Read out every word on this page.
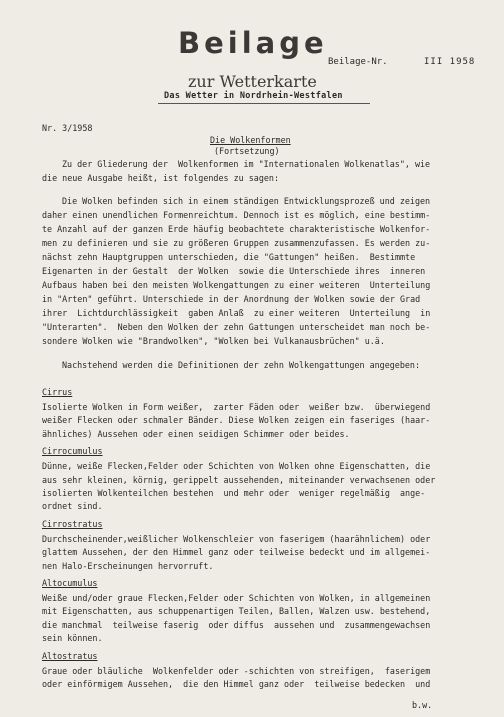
Beilage
Beilage-Nr.	III 1958
zur Wetterkarte
Das Wetter in Nordrhein-Westfalen
Nr. 3/1958
Die Wolkenformen
(Fortsetzung)
Zu der Gliederung der  Wolkenformen im "Internationalen Wolkenatlas", wie
die neue Ausgabe heißt, ist folgendes zu sagen:
Die Wolken befinden sich in einem ständigen Entwicklungsprozeß und zeigen
daher einen unendlichen Formenreichtum. Dennoch ist es möglich, eine bestimm-
te Anzahl auf der ganzen Erde häufig beobachtete charakteristische Wolkenfor-
men zu definieren und sie zu größeren Gruppen zusammenzufassen. Es werden zu-
nächst zehn Hauptgruppen unterschieden, die "Gattungen" heißen.  Bestimmte
Eigenarten in der Gestalt  der Wolken  sowie die Unterschiede ihres  inneren
Aufbaus haben bei den meisten Wolkengattungen zu einer weiteren  Unterteilung
in "Arten" geführt. Unterschiede in der Anordnung der Wolken sowie der Grad
ihrer  Lichtdurchlässigkeit  gaben Anlaß  zu einer weiteren  Unterteilung  in
"Unterarten".  Neben den Wolken der zehn Gattungen unterscheidet man noch be-
sondere Wolken wie "Brandwolken", "Wolken bei Vulkanausbrüchen" u.ä.
Nachstehend werden die Definitionen der zehn Wolkengattungen angegeben:
Cirrus
Isolierte Wolken in Form weißer,  zarter Fäden oder  weißer bzw.  überwiegend
weißer Flecken oder schmaler Bänder. Diese Wolken zeigen ein faseriges (haar-
ähnliches) Aussehen oder einen seidigen Schimmer oder beides.
Cirrocumulus
Dünne, weiße Flecken,Felder oder Schichten von Wolken ohne Eigenschatten, die
aus sehr kleinen, körnig, gerippelt aussehenden, miteinander verwachsenen oder
isolierten Wolkenteilchen bestehen  und mehr oder  weniger regelmäßig  ange-
ordnet sind.
Cirrostratus
Durchscheinender,weißlicher Wolkenschleier von faserigem (haarähnlichem) oder
glattem Aussehen, der den Himmel ganz oder teilweise bedeckt und im allgemei-
nen Halo-Erscheinungen hervorruft.
Altocumulus
Weiße und/oder graue Flecken,Felder oder Schichten von Wolken, in allgemeinen
mit Eigenschatten, aus schuppenartigen Teilen, Ballen, Walzen usw. bestehend,
die manchmal  teilweise faserig  oder diffus  aussehen und  zusammengewachsen
sein können.
Altostratus
Graue oder bläuliche  Wolkenfelder oder -schichten von streifigen,  faserigem
oder einförmigem Aussehen,  die den Himmel ganz oder  teilweise bedecken  und
b.w.
